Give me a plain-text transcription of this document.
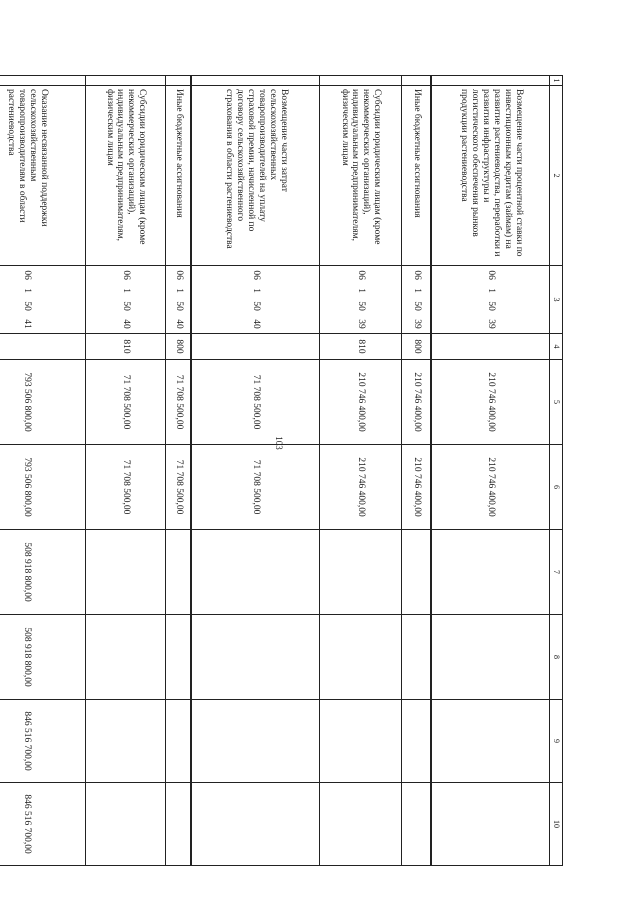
103
1	2	3	4	5	6	7	8	9	10
	Возмещение части процентной ставки по инвестиционным кредитам (займам) на развитие растениеводства, переработки и развития инфраструктуры и логистического обеспечения рынков продукции растениеводства	06 1 50 39		210 746 400,00	210 746 400,00				
	Иные бюджетные ассигнования	06 1 50 39	800	210 746 400,00	210 746 400,00				
	Субсидии юридическим лицам (кроме некоммерческих организаций), индивидуальным предпринимателям, физическим лицам	06 1 50 39	810	210 746 400,00	210 746 400,00				
	Возмещение части затрат сельскохозяйственных товаропроизводителей на уплату страховой премии, начисленной по договору сельскохозяйственного страхования в области растениеводства	06 1 50 40		71 708 500,00	71 708 500,00				
	Иные бюджетные ассигнования	06 1 50 40	800	71 708 500,00	71 708 500,00				
	Субсидии юридическим лицам (кроме некоммерческих организаций), индивидуальным предпринимателям, физическим лицам	06 1 50 40	810	71 708 500,00	71 708 500,00				
	Оказание несвязанной поддержки сельскохозяйственным товаропроизводителям в области растениеводства	06 1 50 41		793 506 800,00	793 506 800,00	508 918 800,00	508 918 800,00	846 516 700,00	846 516 700,00
